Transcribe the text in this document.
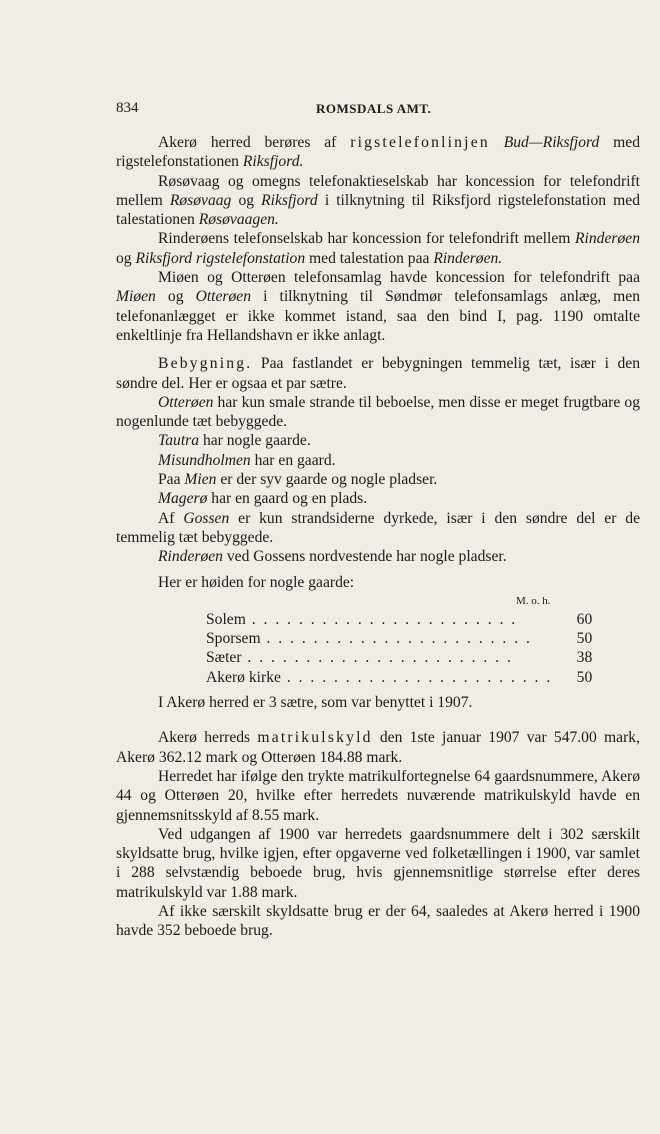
834	ROMSDALS AMT.

Akerø herred berøres af rigstelefonlinjen Bud—Riksfjord med rigstelefonstationen Riksfjord.

Røsøvaag og omegns telefonaktieselskab har koncession for telefondrift mellem Røsøvaag og Riksfjord i tilknytning til Riksfjord rigstelefonstation med talestationen Røsøvaagen.

Rinderøens telefonselskab har koncession for telefondrift mellem Rinderøen og Riksfjord rigstelefonstation med talestation paa Rinderøen.

Miøen og Otterøen telefonsamlag havde koncession for telefondrift paa Miøen og Otterøen i tilknytning til Søndmør telefonsamlags anlæg, men telefonanlægget er ikke kommet istand, saa den bind I, pag. 1190 omtalte enkeltlinje fra Hellandshavn er ikke anlagt.

Bebygning. Paa fastlandet er bebygningen temmelig tæt, især i den søndre del. Her er ogsaa et par sætre.

Otterøen har kun smale strande til beboelse, men disse er meget frugtbare og nogenlunde tæt bebyggede.

Tautra har nogle gaarde.

Misundholmen har en gaard.

Paa Mien er der syv gaarde og nogle pladser.

Magerø har en gaard og en plads.

Af Gossen er kun strandsiderne dyrkede, især i den søndre del er de temmelig tæt bebyggede.

Rinderøen ved Gossens nordvestende har nogle pladser.

Her er høiden for nogle gaarde:

M. o. h.
Solem . . . . . . . . . . . . . . . . . . . . . . .	60
Sporsem . . . . . . . . . . . . . . . . . . . . . . .	50
Sæter . . . . . . . . . . . . . . . . . . . . . . .	38
Akerø kirke . . . . . . . . . . . . . . . . . . . . . . .	50

I Akerø herred er 3 sætre, som var benyttet i 1907.

Akerø herreds matrikulskyld den 1ste januar 1907 var 547.00 mark, Akerø 362.12 mark og Otterøen 184.88 mark.

Herredet har ifølge den trykte matrikulfortegnelse 64 gaardsnummere, Akerø 44 og Otterøen 20, hvilke efter herredets nuværende matrikulskyld havde en gjennemsnitsskyld af 8.55 mark.

Ved udgangen af 1900 var herredets gaardsnummere delt i 302 særskilt skyldsatte brug, hvilke igjen, efter opgaverne ved folketællingen i 1900, var samlet i 288 selvstændig beboede brug, hvis gjennemsnitlige størrelse efter deres matrikulskyld var 1.88 mark.

Af ikke særskilt skyldsatte brug er der 64, saaledes at Akerø herred i 1900 havde 352 beboede brug.
